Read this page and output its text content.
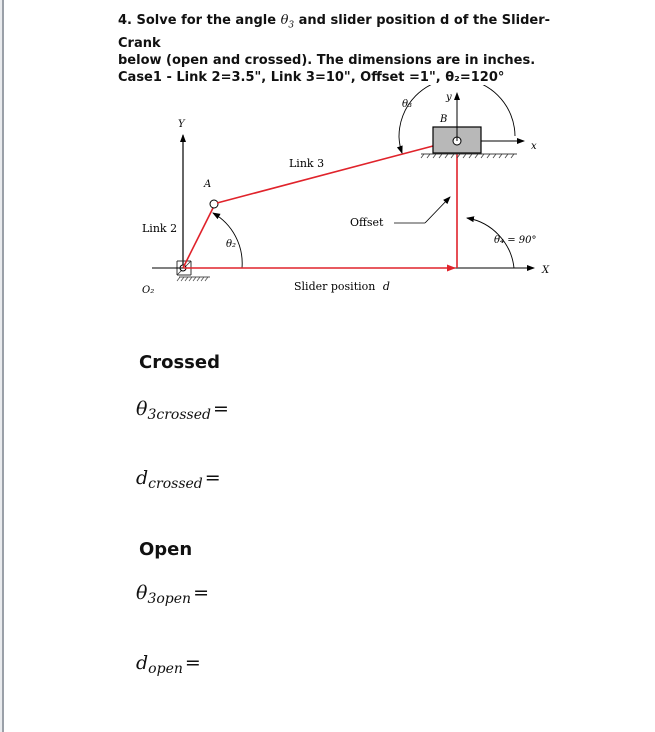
4. Solve for the angle $\theta_3$ and slider position d of the Slider-Crank
below (open and crossed). The dimensions are in inches.
Case1 - Link 2=3.5", Link 3=10", Offset =1", θ₂=120°
Y
X
A
Link 3
θ₂
Link 2
O₂	Slider position d
Offset
B
y
x
θ₃
θ₄ = 90°
Crossed
$\theta_{3crossed}$ =
$d_{crossed}$ =
Open
$\theta_{3open}$ =
$d_{open}$ =
